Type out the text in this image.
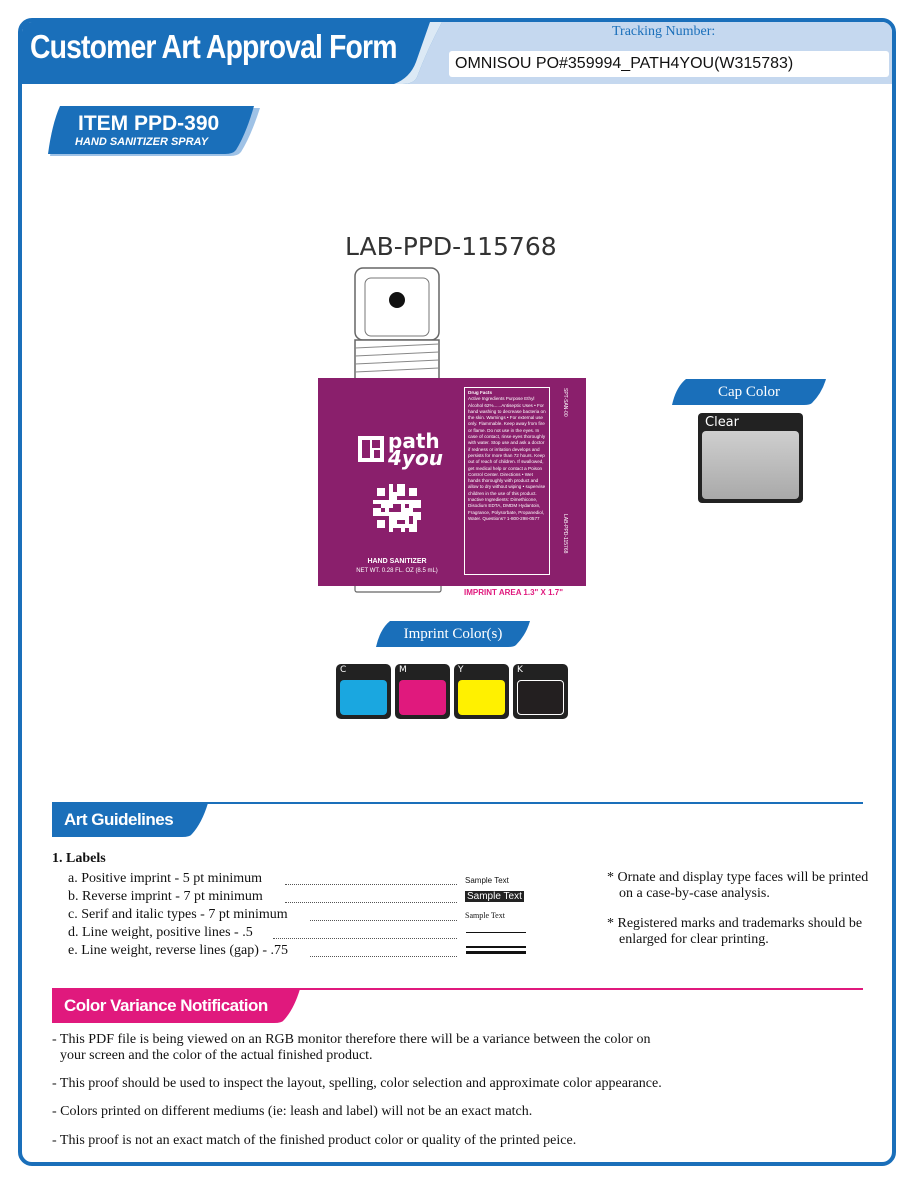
Customer Art Approval Form	Tracking Number:
OMNISOU PO#359994_PATH4YOU(W315783)
ITEM PPD-390
HAND SANITIZER SPRAY
LAB-PPD-115768
path
4you
HAND SANITIZER
NET WT. 0.28 FL. OZ (8.5 mL)
Drug Facts
Active Ingredients Purpose Ethyl Alcohol 62%......Antiseptic Uses • For hand washing to decrease bacteria on the skin. Warnings • For external use only. Flammable. Keep away from fire or flame. Do not use in the eyes. In case of contact, rinse eyes thoroughly with water. Stop use and ask a doctor if redness or irritation develops and persists for more than 72 hours. Keep out of reach of children. If swallowed, get medical help or contact a Poison Control Center. Directions • Wet hands thoroughly with product and allow to dry without wiping • supervise children in the use of this product. Inactive Ingredients: Dimethicone, Disodium EDTA, DMDM Hydantoin, Fragrance, Polysorbate, Propanediol, Water. Questions? 1-800-298-0577
SPT-SAN-00
LAB-PPD-115768
IMPRINT AREA 1.3" X 1.7"
Cap Color
Clear
Imprint Color(s)
C	M	Y	K
Art Guidelines
1. Labels
a. Positive imprint - 5 pt minimum	Sample Text
b. Reverse imprint - 7 pt minimum	Sample Text
c. Serif and italic types - 7 pt minimum	Sample Text
d. Line weight, positive lines - .5
e. Line weight, reverse lines (gap) - .75

* Ornate and display type faces will be printed on a case-by-case analysis.

* Registered marks and trademarks should be enlarged for clear printing.

Color Variance Notification
- This PDF file is being viewed on an RGB monitor therefore there will be a variance between the color on
your screen and the color of the actual finished product.
- This proof should be used to inspect the layout, spelling, color selection and approximate color appearance.
- Colors printed on different mediums (ie: leash and label) will not be an exact match.
- This proof is not an exact match of the finished product color or quality of the printed peice.
